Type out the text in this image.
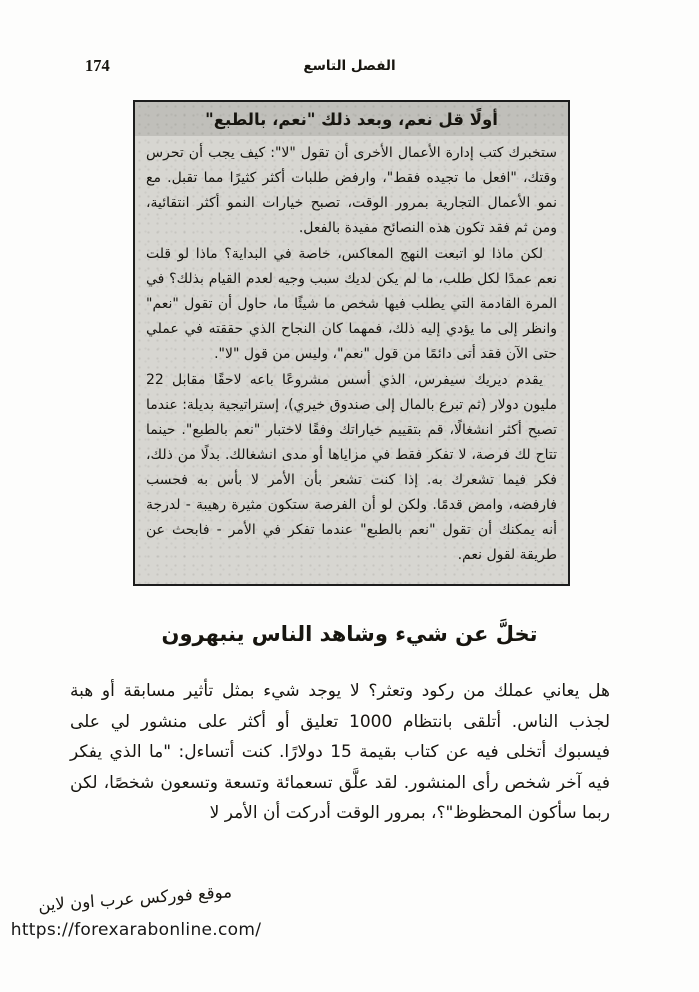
الفصل التاسع
174
أولًا قل نعم، وبعد ذلك "نعم، بالطبع"

ستخبرك كتب إدارة الأعمال الأخرى أن تقول "لا": كيف يجب أن تحرس وقتك، "افعل ما تجيده فقط"، وارفض طلبات أكثر كثيرًا مما تقبل. مع نمو الأعمال التجارية بمرور الوقت، تصبح خيارات النمو أكثر انتقائية، ومن ثم فقد تكون هذه النصائح مفيدة بالفعل.

لكن ماذا لو اتبعت النهج المعاكس، خاصة في البداية؟ ماذا لو قلت نعم عمدًا لكل طلب، ما لم يكن لديك سبب وجيه لعدم القيام بذلك؟ في المرة القادمة التي يطلب فيها شخص ما شيئًا ما، حاول أن تقول "نعم" وانظر إلى ما يؤدي إليه ذلك، فمهما كان النجاح الذي حققته في عملي حتى الآن فقد أتى دائمًا من قول "نعم"، وليس من قول "لا".

يقدم ديريك سيفرس، الذي أسس مشروعًا باعه لاحقًا مقابل 22 مليون دولار (ثم تبرع بالمال إلى صندوق خيري)، إستراتيجية بديلة: عندما تصبح أكثر انشغالًا، قم بتقييم خياراتك وفقًا لاختبار "نعم بالطبع". حينما تتاح لك فرصة، لا تفكر فقط في مزاياها أو مدى انشغالك. بدلًا من ذلك، فكر فيما تشعرك به. إذا كنت تشعر بأن الأمر لا بأس به فحسب فارفضه، وامض قدمًا. ولكن لو أن الفرصة ستكون مثيرة رهيبة - لدرجة أنه يمكنك أن تقول "نعم بالطبع" عندما تفكر في الأمر - فابحث عن طريقة لقول نعم.

تخلَّ عن شيء وشاهد الناس ينبهرون

هل يعاني عملك من ركود وتعثر؟ لا يوجد شيء بمثل تأثير مسابقة أو هبة لجذب الناس. أتلقى بانتظام 1000 تعليق أو أكثر على منشور لي على فيسبوك أتخلى فيه عن كتاب بقيمة 15 دولارًا. كنت أتساءل: "ما الذي يفكر فيه آخر شخص رأى المنشور. لقد علَّق تسعمائة وتسعة وتسعون شخصًا، لكن ربما سأكون المحظوظ"؟، بمرور الوقت أدركت أن الأمر لا

موقع فوركس عرب اون لاين
https://forexarabonline.com/
